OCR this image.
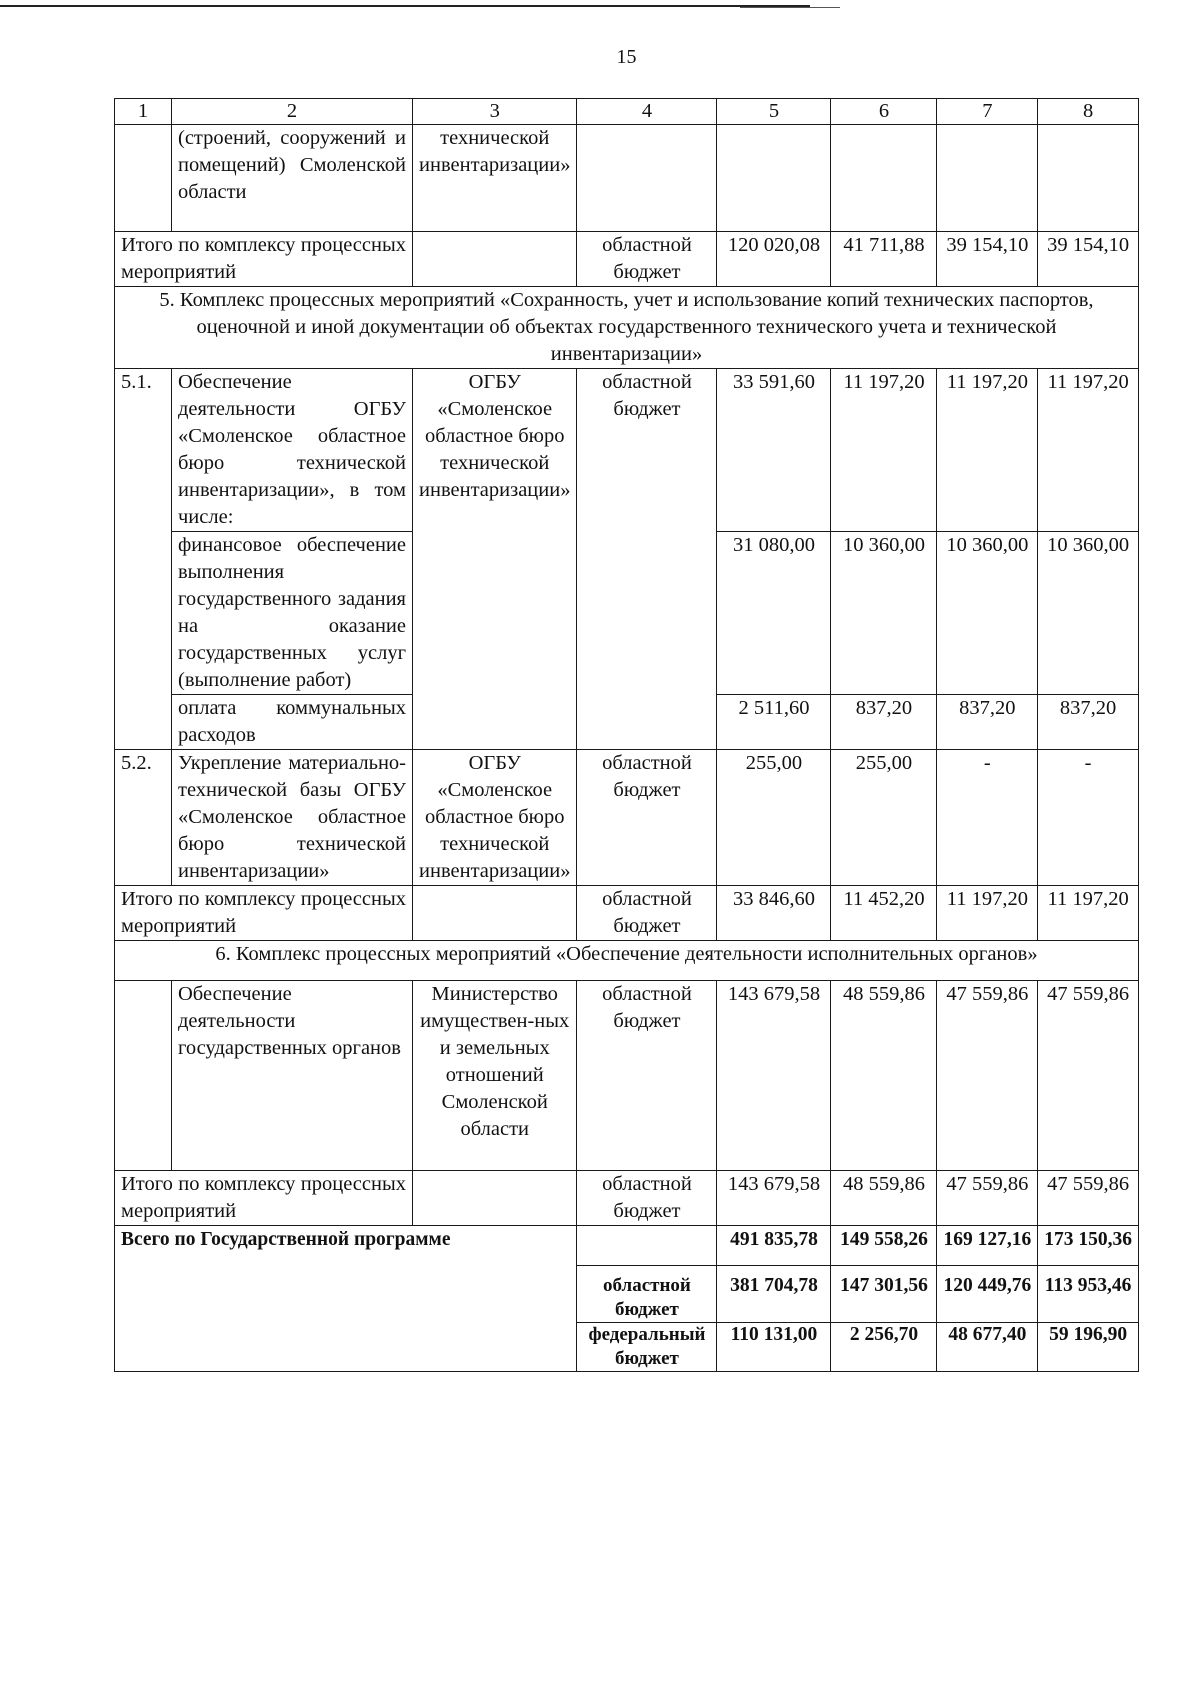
15
1	2	3	4	5	6	7	8
	(строений, сооружений и помещений) Смоленской области	технической инвентаризации»					
Итого по комплексу процессных мероприятий			областной бюджет	120 020,08	41 711,88	39 154,10	39 154,10
5. Комплекс процессных мероприятий «Сохранность, учет и использование копий технических паспортов, оценочной и иной документации об объектах государственного технического учета и технической инвентаризации»							
5.1.	Обеспечение деятельности ОГБУ «Смоленское областное бюро технической инвентаризации», в том числе:	ОГБУ «Смоленское областное бюро технической инвентаризации»	областной бюджет	33 591,60	11 197,20	11 197,20	11 197,20
	финансовое обеспечение выполнения государственного задания на оказание государственных услуг (выполнение работ)			31 080,00	10 360,00	10 360,00	10 360,00
	оплата коммунальных расходов			2 511,60	837,20	837,20	837,20
5.2.	Укрепление материально-технической базы ОГБУ «Смоленское областное бюро технической инвентаризации»	ОГБУ «Смоленское областное бюро технической инвентаризации»	областной бюджет	255,00	255,00	-	-
Итого по комплексу процессных мероприятий			областной бюджет	33 846,60	11 452,20	11 197,20	11 197,20
6. Комплекс процессных мероприятий «Обеспечение деятельности исполнительных органов»							
	Обеспечение деятельности государственных органов	Министерство имуществен-ных и земельных отношений Смоленской области	областной бюджет	143 679,58	48 559,86	47 559,86	47 559,86
Итого по комплексу процессных мероприятий			областной бюджет	143 679,58	48 559,86	47 559,86	47 559,86
Всего по Государственной программе				491 835,78	149 558,26	169 127,16	173 150,36
			областной бюджет	381 704,78	147 301,56	120 449,76	113 953,46
			федеральный бюджет	110 131,00	2 256,70	48 677,40	59 196,90
